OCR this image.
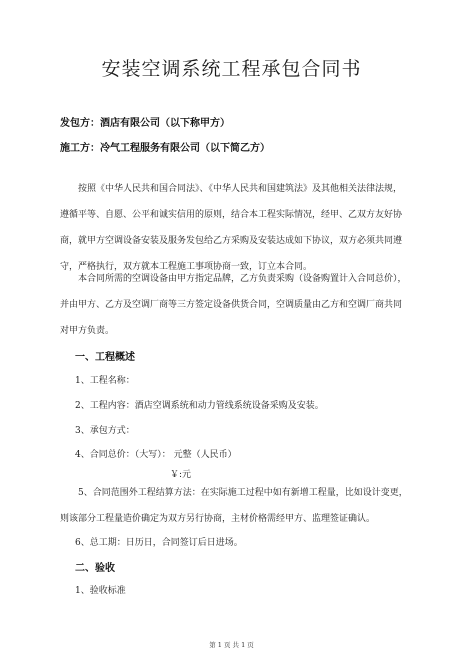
安装空调系统工程承包合同书
发包方：酒店有限公司（以下称甲方）
施工方：冷气工程服务有限公司（以下简乙方）
按照《中华人民共和国合同法》、《中华人民共和国建筑法》及其他相关法律法规，遵循平等、自愿、公平和诚实信用的原则，结合本工程实际情况，经甲、乙双方友好协商，就甲方空调设备安装及服务发包给乙方采购及安装达成如下协议，双方必须共同遵守，严格执行，双方就本工程施工事项协商一致，订立本合同。
本合同所需的空调设备由甲方指定品牌，乙方负责采购（设备购置计入合同总价），并由甲方、乙方及空调厂商等三方签定设备供货合同，空调质量由乙方和空调厂商共同对甲方负责。
一、工程概述
1、工程名称：
2、工程内容：酒店空调系统和动力管线系统设备采购及安装。
3、承包方式：
4、合同总价：（大写）： 元整（人民币）
￥:元
5、合同范围外工程结算方法：在实际施工过程中如有新增工程量，比如设计变更，则该部分工程量造价确定为双方另行协商，主材价格需经甲方、监理签证确认。
6、总工期：日历日，合同签订后日进场。
二、验收
1、验收标准
第 1 页 共 1 页
